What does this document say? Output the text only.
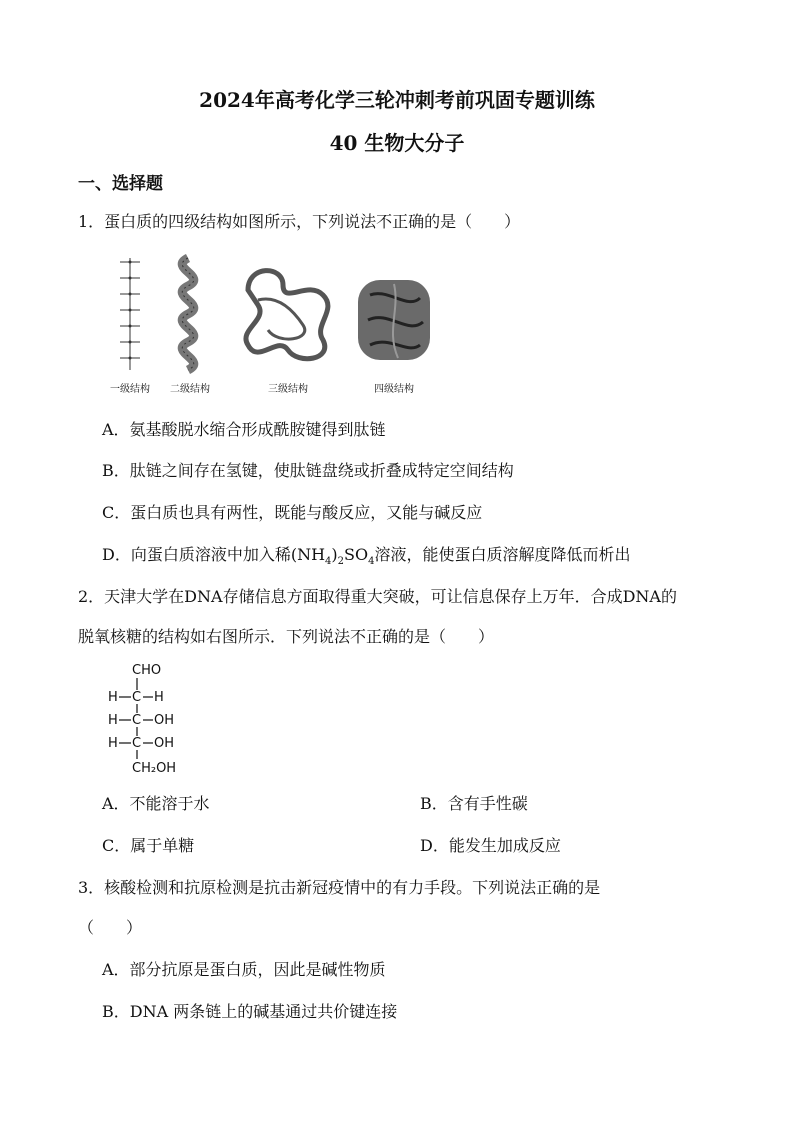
2024年高考化学三轮冲刺考前巩固专题训练
40 生物大分子
一、选择题
1．蛋白质的四级结构如图所示，下列说法不正确的是（　　）
一级结构 二级结构	三级结构	四级结构
A．氨基酸脱水缩合形成酰胺键得到肽链
B．肽链之间存在氢键，使肽链盘绕或折叠成特定空间结构
C．蛋白质也具有两性，既能与酸反应，又能与碱反应
D．向蛋白质溶液中加入稀$(NH_4)_2SO_4$溶液，能使蛋白质溶解度降低而析出
2．天津大学在DNA存储信息方面取得重大突破，可让信息保存上万年．合成DNA的
脱氧核糖的结构如右图所示．下列说法不正确的是（　　）
CHO
H C H
H C OH
H C OH
CH₂OH
A．不能溶于水	B．含有手性碳
C．属于单糖	D．能发生加成反应
3．核酸检测和抗原检测是抗击新冠疫情中的有力手段。下列说法正确的是
（　　）
A．部分抗原是蛋白质，因此是碱性物质
B．DNA 两条链上的碱基通过共价键连接
